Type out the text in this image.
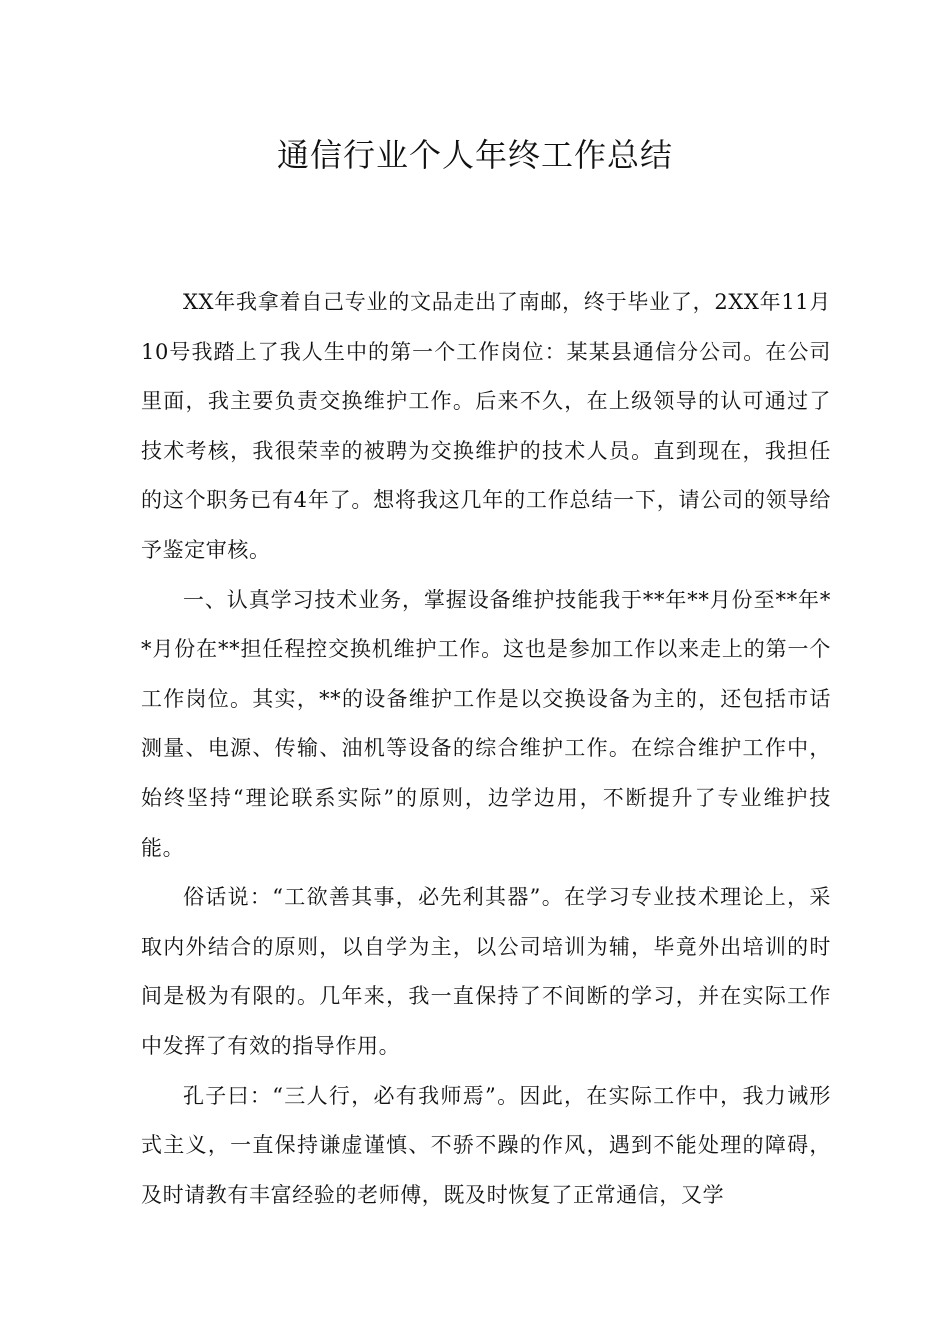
通信行业个人年终工作总结

XX年我拿着自己专业的文品走出了南邮，终于毕业了，2XX年11月10号我踏上了我人生中的第一个工作岗位：某某县通信分公司。在公司里面，我主要负责交换维护工作。后来不久，在上级领导的认可通过了技术考核，我很荣幸的被聘为交换维护的技术人员。直到现在，我担任的这个职务已有4年了。想将我这几年的工作总结一下，请公司的领导给予鉴定审核。

一、认真学习技术业务，掌握设备维护技能我于**年**月份至**年**月份在**担任程控交换机维护工作。这也是参加工作以来走上的第一个工作岗位。其实，**的设备维护工作是以交换设备为主的，还包括市话测量、电源、传输、油机等设备的综合维护工作。在综合维护工作中，始终坚持“理论联系实际”的原则，边学边用，不断提升了专业维护技能。

俗话说：“工欲善其事，必先利其器”。在学习专业技术理论上，采取内外结合的原则，以自学为主，以公司培训为辅，毕竟外出培训的时间是极为有限的。几年来，我一直保持了不间断的学习，并在实际工作中发挥了有效的指导作用。

孔子曰：“三人行，必有我师焉”。因此，在实际工作中，我力诫形式主义，一直保持谦虚谨慎、不骄不躁的作风，遇到不能处理的障碍，及时请教有丰富经验的老师傅，既及时恢复了正常通信，又学
